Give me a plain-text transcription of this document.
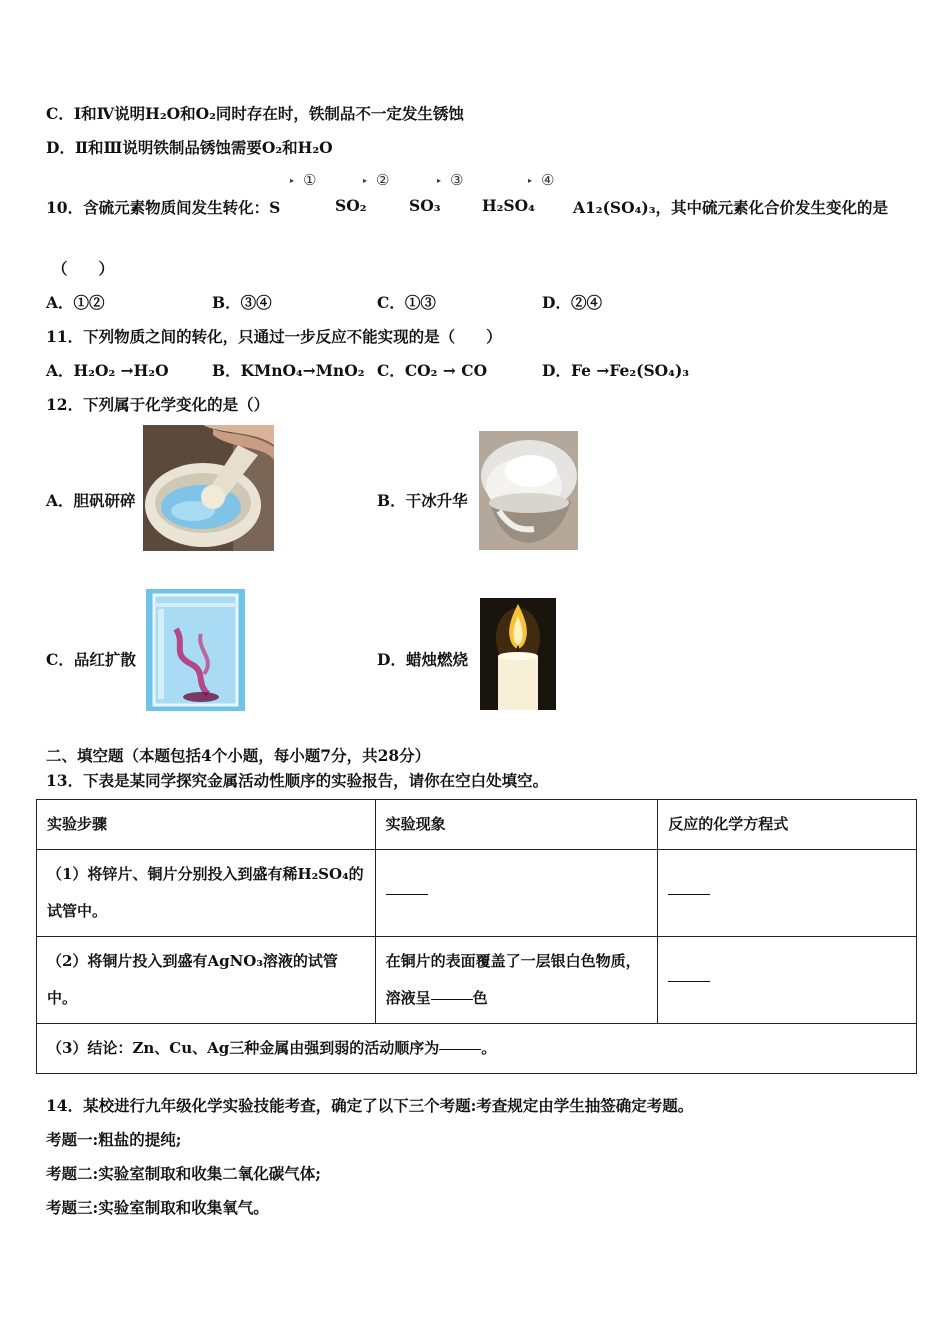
C．Ⅰ和Ⅳ说明H₂O和O₂同时存在时，铁制品不一定发生锈蚀
D．Ⅱ和Ⅲ说明铁制品锈蚀需要O₂和H₂O
▸ ①	▸ ②	▸ ③	▸ ④
10．含硫元素物质间发生转化：S	SO₂	SO₃	H₂SO₄ A1₂(SO₄)₃，其中硫元素化合价发生变化的是
（　　）
A．①②	B．③④	C．①③	D．②④
11．下列物质之间的转化，只通过一步反应不能实现的是（　　）
A．H₂O₂ →H₂O	B．KMnO₄→MnO₂ C．CO₂ → CO	D．Fe →Fe₂(SO₄)₃
12．下列属于化学变化的是（）
A．胆矾研碎	B．干冰升华
C．品红扩散	D．蜡烛燃烧
二、填空题（本题包括4个小题，每小题7分，共28分）
13．下表是某同学探究金属活动性顺序的实验报告，请你在空白处填空。
实验步骤	实验现象	反应的化学方程式
（1）将锌片、铜片分别投入到盛有稀H₂SO₄的试管中。		
（2）将铜片投入到盛有AgNO₃溶液的试管中。	在铜片的表面覆盖了一层银白色物质，溶液呈 色	
（3）结论：Zn、Cu、Ag三种金属由强到弱的活动顺序为 。		
14．某校进行九年级化学实验技能考查，确定了以下三个考题:考查规定由学生抽签确定考题。
考题一:粗盐的提纯;
考题二:实验室制取和收集二氧化碳气体;
考题三:实验室制取和收集氧气。
